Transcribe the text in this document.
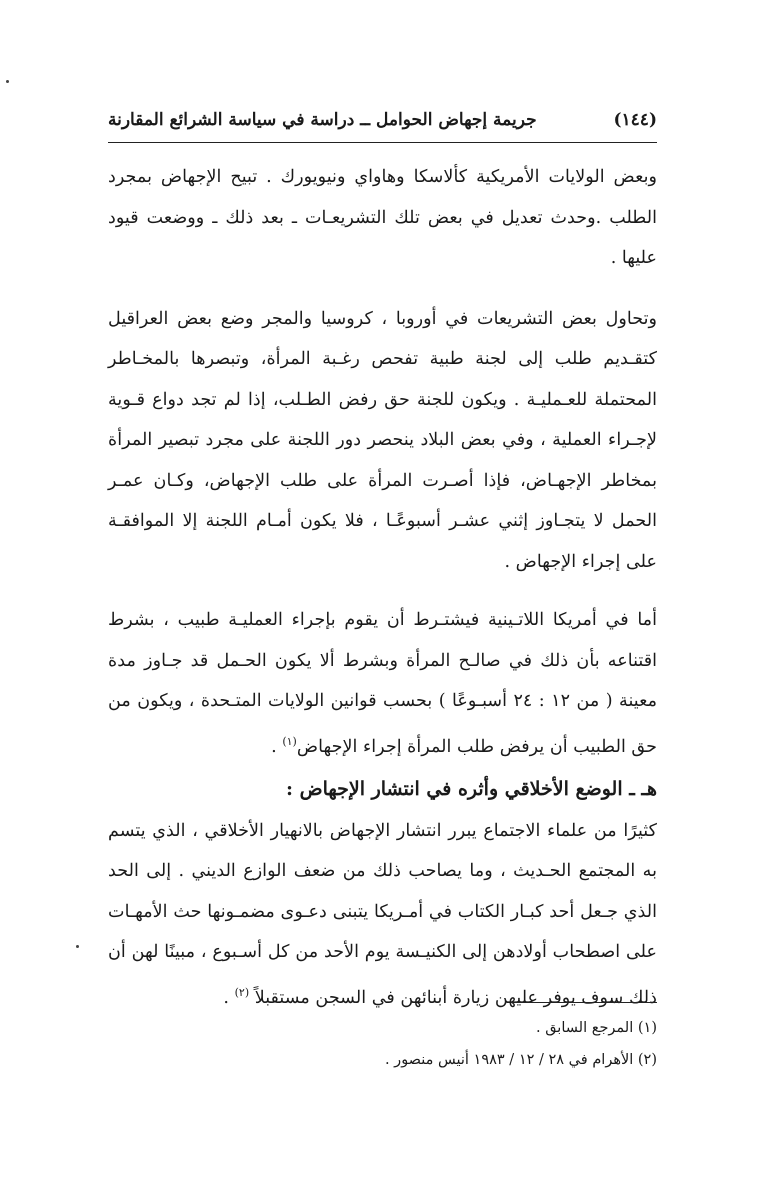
(١٤٤)
جريمة إجهاض الحوامل ــ دراسة في سياسة الشرائع المقارنة

وبعض الولايات الأمريكية كألاسكا وهاواي ونيويورك . تبيح الإجهاض بمجرد الطلب .وحدث تعديل في بعض تلك التشريعـات ـ بعد ذلك ـ ووضعت قيود عليها .

وتحاول بعض التشريعات في أوروبا ، كروسيا والمجر وضع بعض العراقيل كتقـديم طلب إلى لجنة طبية تفحص رغـبة المرأة، وتبصرها بالمخـاطر المحتملة للعـمليـة . ويكون للجنة حق رفض الطـلب، إذا لم تجد دواع قـوية لإجـراء العملية ، وفي بعض البلاد ينحصر دور اللجنة على مجرد تبصير المرأة بمخاطر الإجهـاض، فإذا أصـرت المرأة على طلب الإجهاض، وكـان عمـر الحمل لا يتجـاوز إثني عشـر أسبوعًـا ، فلا يكون أمـام اللجنة إلا الموافقـة على إجراء الإجهاض .

أما في أمريكا اللاتـينية فيشتـرط أن يقوم بإجراء العمليـة طبيب ، بشرط اقتناعه بأن ذلك في صالـح المرأة وبشرط ألا يكون الحـمل قد جـاوز مدة معينة ( من ١٢ : ٢٤ أسبـوعًا ) بحسب قوانين الولايات المتـحدة ، ويكون من حق الطبيب أن يرفض طلب المرأة إجراء الإجهاض$^{(١)}$ .

هـ ـ الوضع الأخلاقي وأثره في انتشار الإجهاض :

كثيرًا من علماء الاجتماع يبرر انتشار الإجهاض بالانهيار الأخلاقي ، الذي يتسم به المجتمع الحـديث ، وما يصاحب ذلك من ضعف الوازع الديني . إلى الحد الذي جـعل أحد كبـار الكتاب في أمـريكا يتبنى دعـوى مضمـونها حث الأمهـات على اصطحاب أولادهن إلى الكنيـسة يوم الأحد من كل أسـبوع ، مبينًا لهن أن ذلك سوف يوفر عليهن زيارة أبنائهن في السجن مستقبلاً $^{(٢)}$ .

(١) المرجع السابق .

(٢) الأهرام في ٢٨ / ١٢ / ١٩٨٣ أنيس منصور .
